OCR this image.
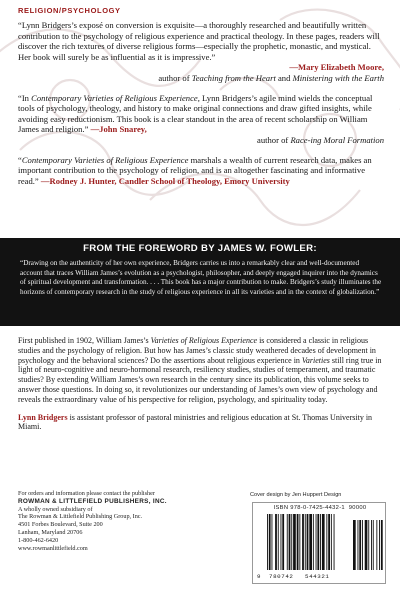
RELIGION/PSYCHOLOGY
“Lynn Bridgers’s exposé on conversion is exquisite—a thoroughly researched and beautifully written contribution to the psychology of religious experience and practical theology. In these pages, readers will discover the rich textures of diverse religious forms—especially the prophetic, monastic, and mystical. Her book will surely be as influential as it is impressive.”
—Mary Elizabeth Moore,
author of Teaching from the Heart and Ministering with the Earth
“In Contemporary Varieties of Religious Experience, Lynn Bridgers’s agile mind wields the conceptual tools of psychology, theology, and history to make original connections and draw gifted insights, while avoiding easy reductionism. This book is a clear standout in the area of recent scholarship on William James and religion.” —John Snarey,
author of Race-ing Moral Formation
“Contemporary Varieties of Religious Experience marshals a wealth of current research data, makes an important contribution to the psychology of religion, and is an altogether fascinating and informative read.” —Rodney J. Hunter, Candler School of Theology, Emory University
FROM THE FOREWORD BY JAMES W. FOWLER:
“Drawing on the authenticity of her own experience, Bridgers carries us into a remarkably clear and well-documented account that traces William James’s evolution as a psychologist, philosopher, and deeply engaged inquirer into the dynamics of spiritual development and transformation. . . . This book has a major contribution to make. Bridgers’s study illuminates the horizons of contemporary research in the study of religious experience in all its varieties and in the context of globalization.”

First published in 1902, William James’s Varieties of Religious Experience is considered a classic in religious studies and the psychology of religion. But how has James’s classic study weathered decades of development in psychology and the behavioral sciences? Do the assertions about religious experience in Varieties still ring true in light of neuro-cognitive and neuro-hormonal research, resiliency studies, studies of temperament, and traumatic studies? By extending William James’s own research in the century since its publication, this volume seeks to answer those questions. In doing so, it revolutionizes our understanding of James’s own view of psychology and reveals the extraordinary value of his perspective for religion, psychology, and spirituality today.

Lynn Bridgers is assistant professor of pastoral ministries and religious education at St. Thomas University in Miami.

For orders and information please contact the publisher
ROWMAN & LITTLEFIELD PUBLISHERS, INC.
A wholly owned subsidiary of
The Rowman & Littlefield Publishing Group, Inc.
4501 Forbes Boulevard, Suite 200
Lanham, Maryland 20706
1-800-462-6420
www.rowmanlittlefield.com
Cover design by Jen Huppert Design
ISBN 978-0-7425-4432-1 90000
9 780742 544321
